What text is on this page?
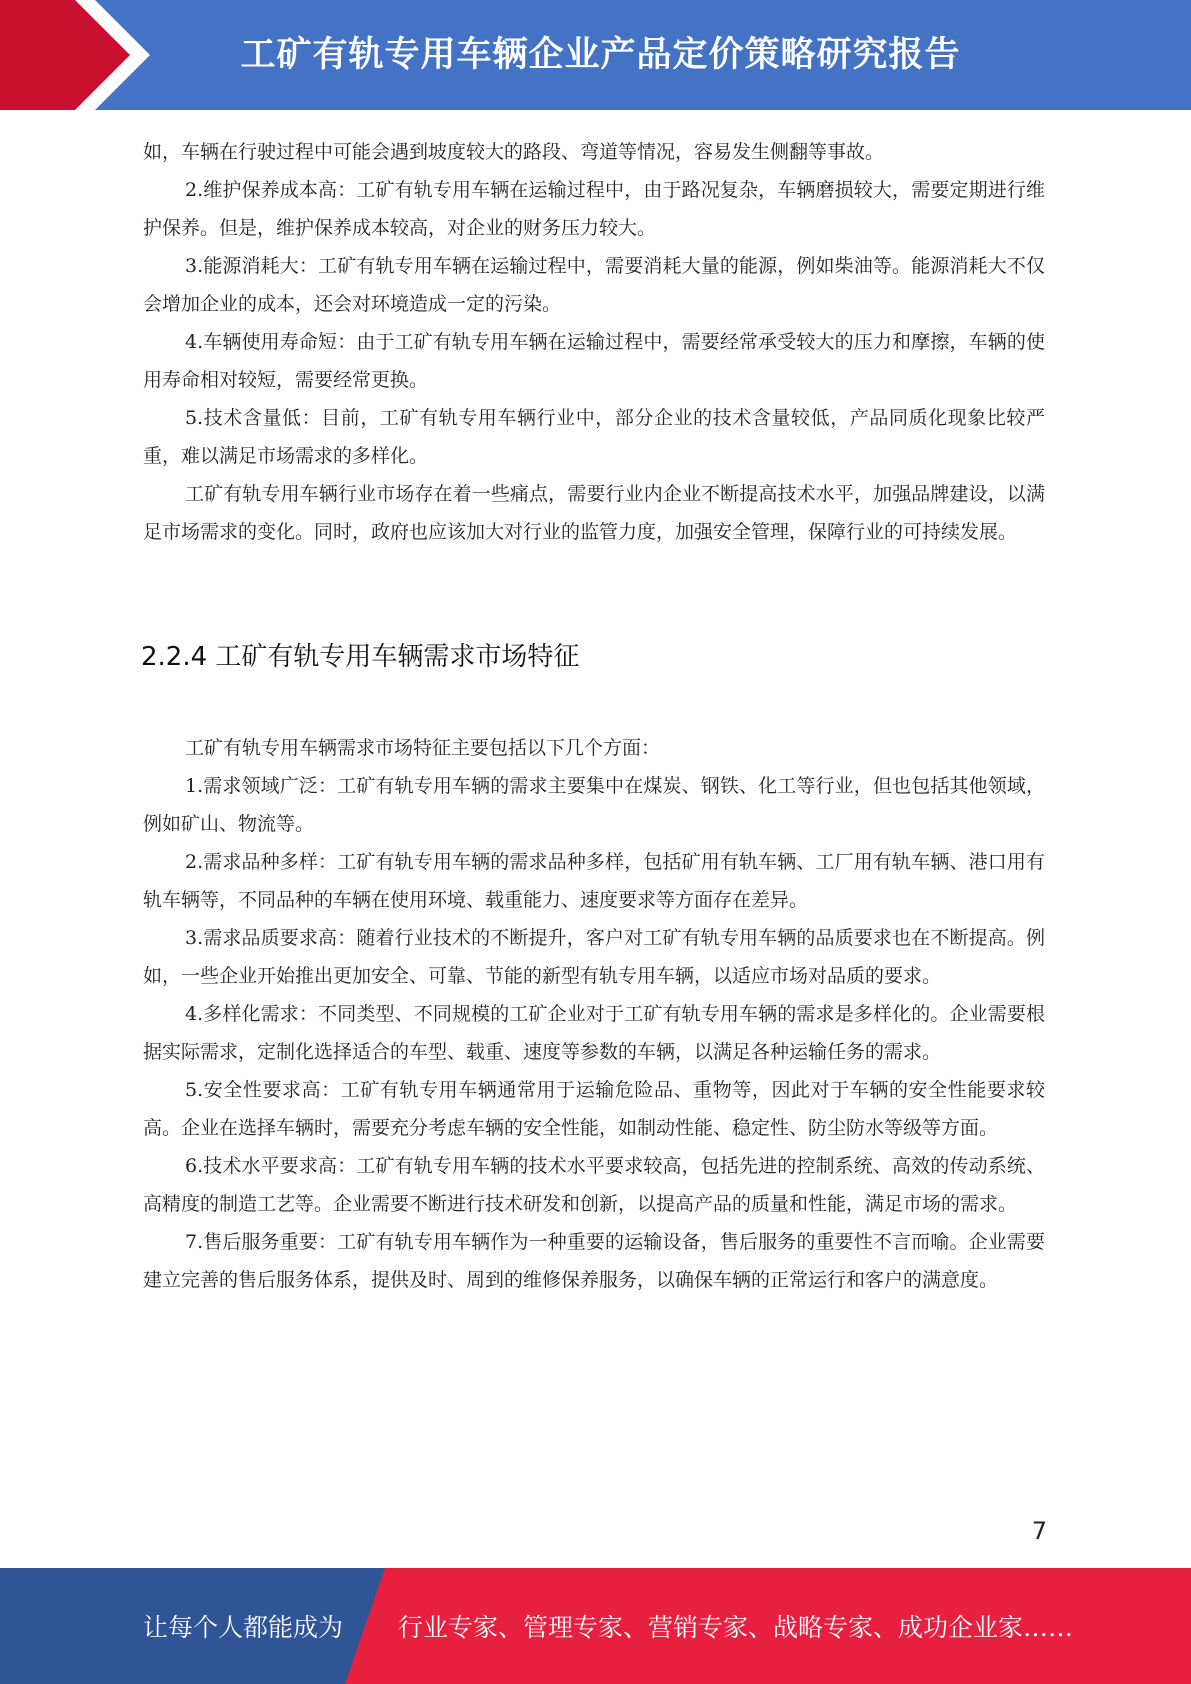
工矿有轨专用车辆企业产品定价策略研究报告

如，车辆在行驶过程中可能会遇到坡度较大的路段、弯道等情况，容易发生侧翻等事故。

2.维护保养成本高：工矿有轨专用车辆在运输过程中，由于路况复杂，车辆磨损较大，需要定期进行维护保养。但是，维护保养成本较高，对企业的财务压力较大。

3.能源消耗大：工矿有轨专用车辆在运输过程中，需要消耗大量的能源，例如柴油等。能源消耗大不仅会增加企业的成本，还会对环境造成一定的污染。

4.车辆使用寿命短：由于工矿有轨专用车辆在运输过程中，需要经常承受较大的压力和摩擦，车辆的使用寿命相对较短，需要经常更换。

5.技术含量低：目前，工矿有轨专用车辆行业中，部分企业的技术含量较低，产品同质化现象比较严重，难以满足市场需求的多样化。

工矿有轨专用车辆行业市场存在着一些痛点，需要行业内企业不断提高技术水平，加强品牌建设，以满足市场需求的变化。同时，政府也应该加大对行业的监管力度，加强安全管理，保障行业的可持续发展。

2.2.4 工矿有轨专用车辆需求市场特征

工矿有轨专用车辆需求市场特征主要包括以下几个方面：

1.需求领域广泛：工矿有轨专用车辆的需求主要集中在煤炭、钢铁、化工等行业，但也包括其他领域，例如矿山、物流等。

2.需求品种多样：工矿有轨专用车辆的需求品种多样，包括矿用有轨车辆、工厂用有轨车辆、港口用有轨车辆等，不同品种的车辆在使用环境、载重能力、速度要求等方面存在差异。

3.需求品质要求高：随着行业技术的不断提升，客户对工矿有轨专用车辆的品质要求也在不断提高。例如，一些企业开始推出更加安全、可靠、节能的新型有轨专用车辆，以适应市场对品质的要求。

4.多样化需求：不同类型、不同规模的工矿企业对于工矿有轨专用车辆的需求是多样化的。企业需要根据实际需求，定制化选择适合的车型、载重、速度等参数的车辆，以满足各种运输任务的需求。

5.安全性要求高：工矿有轨专用车辆通常用于运输危险品、重物等，因此对于车辆的安全性能要求较高。企业在选择车辆时，需要充分考虑车辆的安全性能，如制动性能、稳定性、防尘防水等级等方面。

6.技术水平要求高：工矿有轨专用车辆的技术水平要求较高，包括先进的控制系统、高效的传动系统、高精度的制造工艺等。企业需要不断进行技术研发和创新，以提高产品的质量和性能，满足市场的需求。

7.售后服务重要：工矿有轨专用车辆作为一种重要的运输设备，售后服务的重要性不言而喻。企业需要建立完善的售后服务体系，提供及时、周到的维修保养服务，以确保车辆的正常运行和客户的满意度。

7
让每个人都能成为 行业专家、管理专家、营销专家、战略专家、成功企业家……
